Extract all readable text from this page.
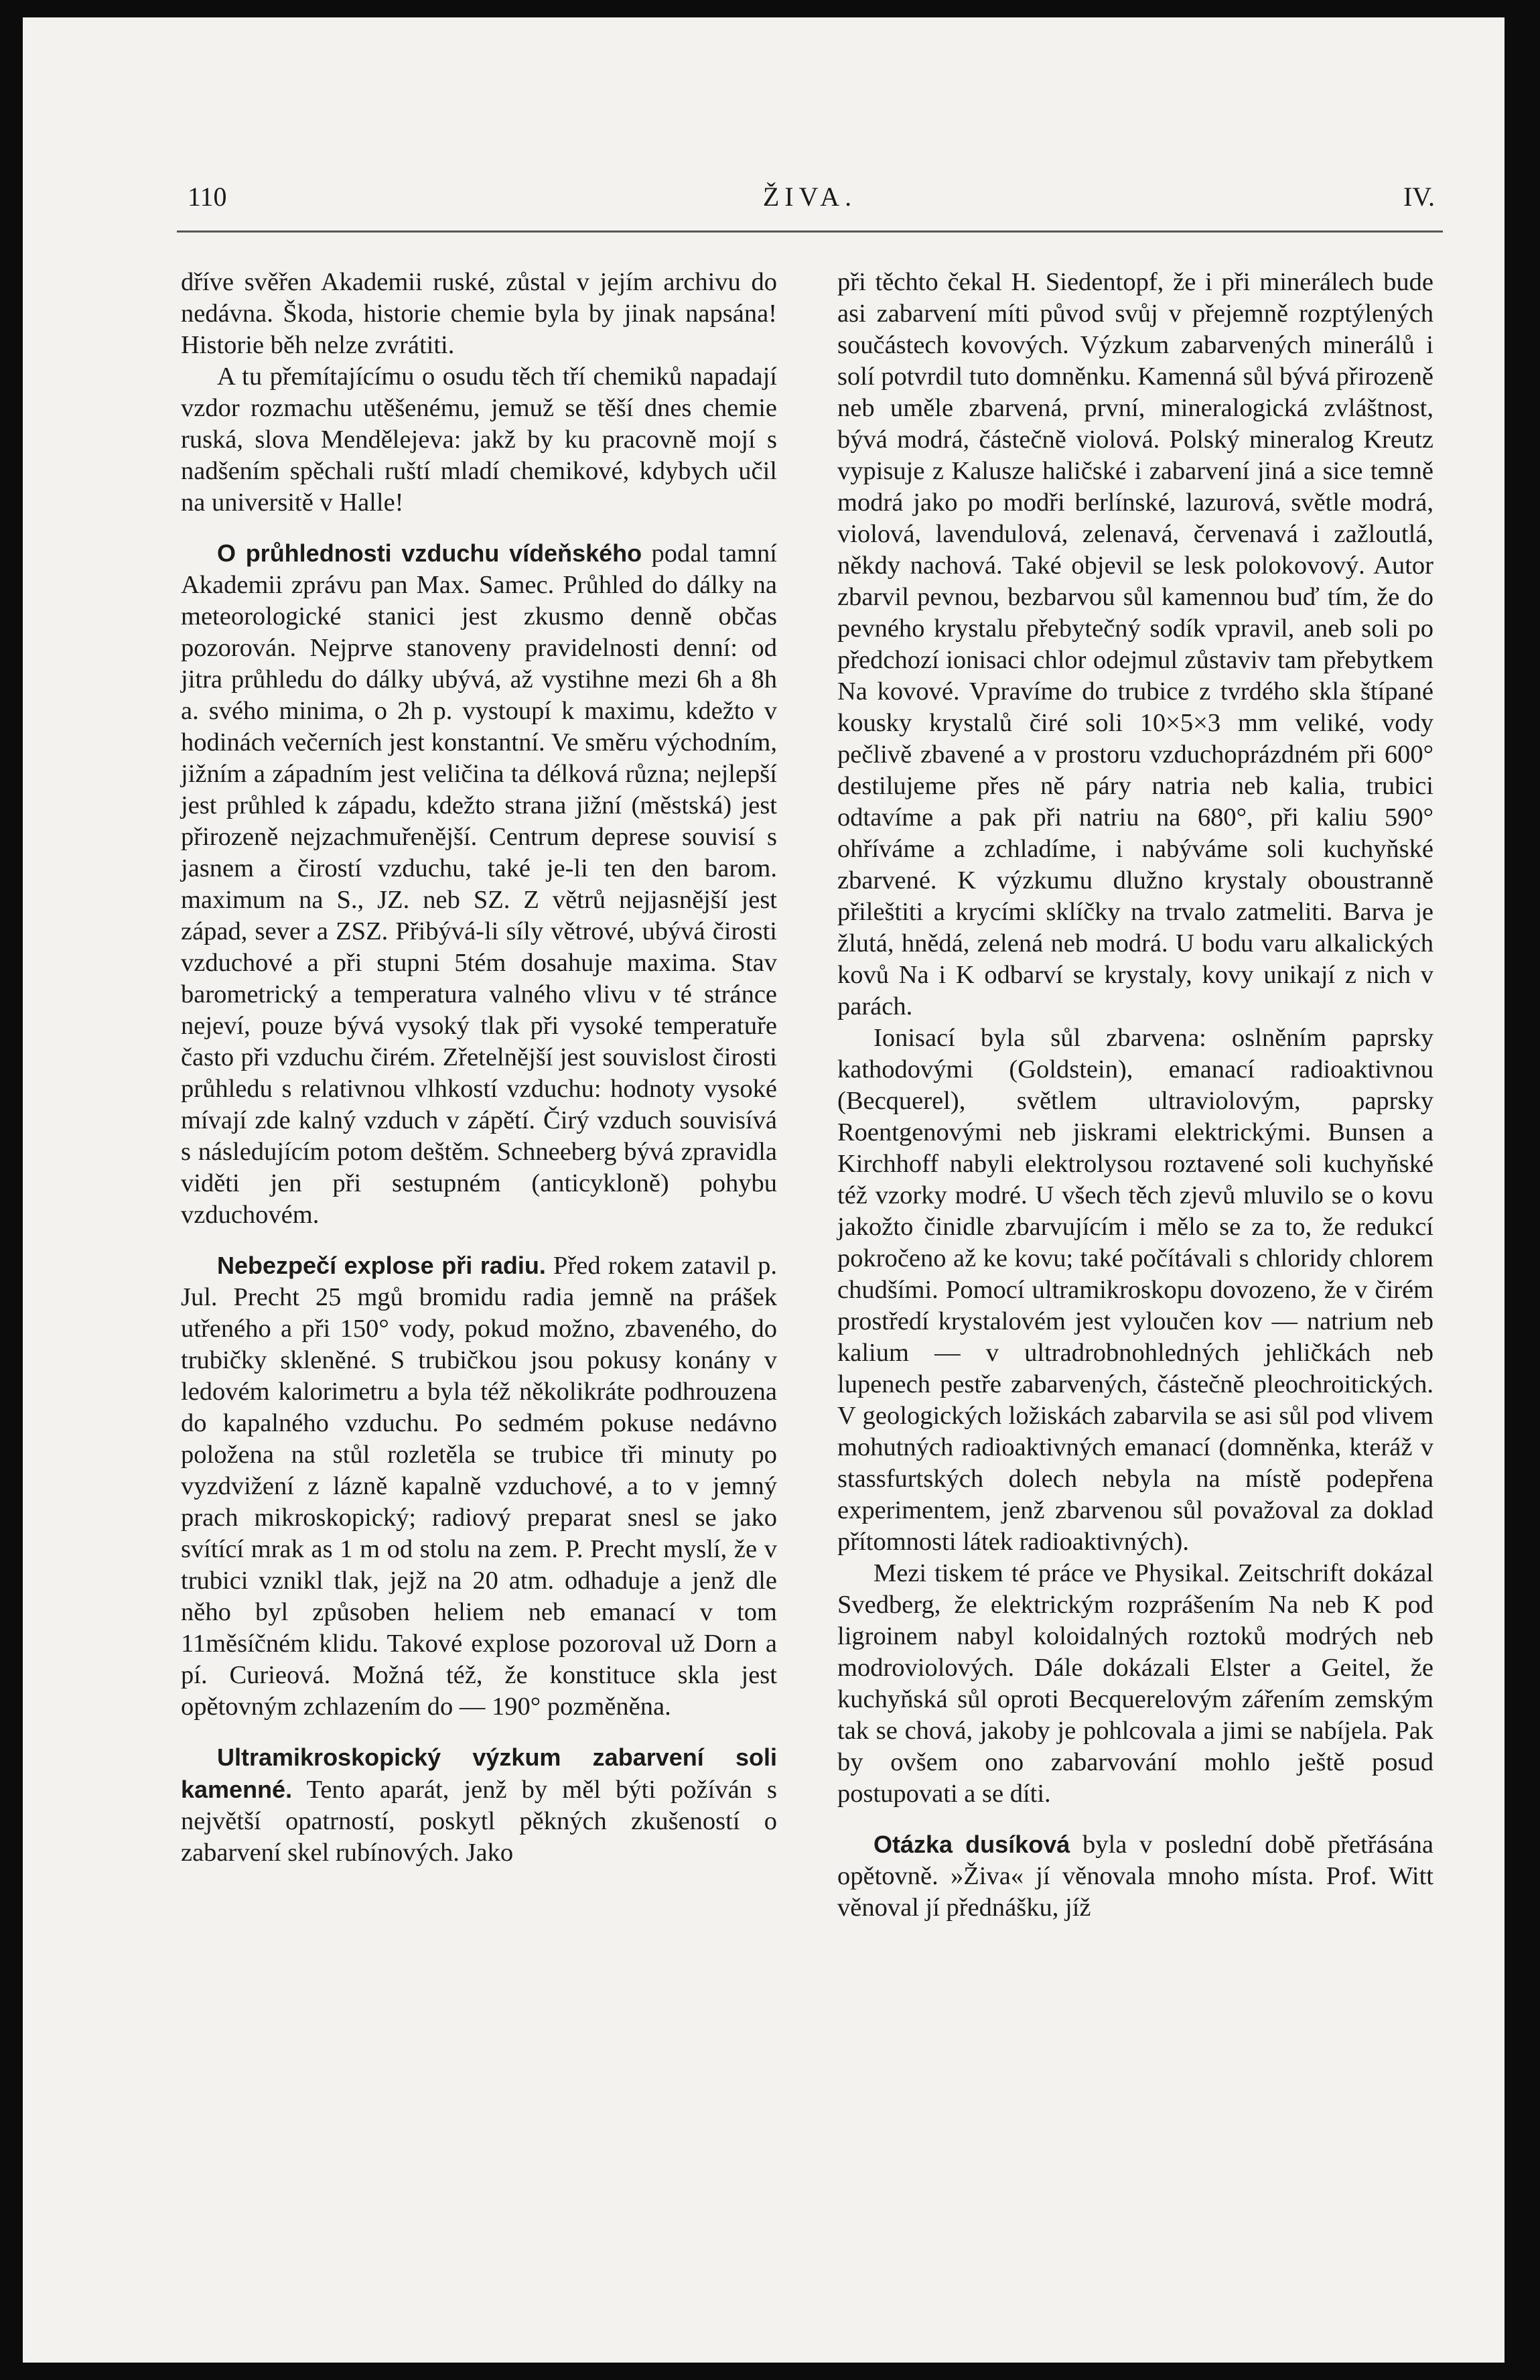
110	ŽIVA.	IV.

dříve svěřen Akademii ruské, zůstal v jejím archivu do nedávna. Škoda, historie chemie byla by jinak napsána! Historie běh nelze zvrátiti.

A tu přemítajícímu o osudu těch tří chemiků napadají vzdor rozmachu utěšenému, jemuž se těší dnes chemie ruská, slova Mendělejeva: jakž by ku pracovně mojí s nadšením spěchali ruští mladí chemikové, kdybych učil na universitě v Halle!

O průhlednosti vzduchu vídeňského podal tamní Akademii zprávu pan Max. Samec. Průhled do dálky na meteorologické stanici jest zkusmo denně občas pozorován. Nejprve stanoveny pravidelnosti denní: od jitra průhledu do dálky ubývá, až vystihne mezi 6h a 8h a. svého minima, o 2h p. vystoupí k maximu, kdežto v hodinách večerních jest konstantní. Ve směru východním, jižním a západním jest veličina ta délková různa; nejlepší jest průhled k západu, kdežto strana jižní (městská) jest přirozeně nejzachmuřenější. Centrum deprese souvisí s jasnem a čirostí vzduchu, také je-li ten den barom. maximum na S., JZ. neb SZ. Z větrů nejjasnější jest západ, sever a ZSZ. Přibývá-li síly větrové, ubývá čirosti vzduchové a při stupni 5tém dosahuje maxima. Stav barometrický a temperatura valného vlivu v té stránce nejeví, pouze bývá vysoký tlak při vysoké temperatuře často při vzduchu čirém. Zřetelnější jest souvislost čirosti průhledu s relativnou vlhkostí vzduchu: hodnoty vysoké mívají zde kalný vzduch v zápětí. Čirý vzduch souvisívá s následujícím potom deštěm. Schneeberg bývá zpravidla viděti jen při sestupném (anticykloně) pohybu vzduchovém.

Nebezpečí explose při radiu. Před rokem zatavil p. Jul. Precht 25 mgů bromidu radia jemně na prášek utřeného a při 150° vody, pokud možno, zbaveného, do trubičky skleněné. S trubičkou jsou pokusy konány v ledovém kalorimetru a byla též několikráte podhrouzena do kapalného vzduchu. Po sedmém pokuse nedávno položena na stůl rozletěla se trubice tři minuty po vyzdvižení z lázně kapalně vzduchové, a to v jemný prach mikroskopický; radiový preparat snesl se jako svítící mrak as 1 m od stolu na zem. P. Precht myslí, že v trubici vznikl tlak, jejž na 20 atm. odhaduje a jenž dle něho byl způsoben heliem neb emanací v tom 11měsíčném klidu. Takové explose pozoroval už Dorn a pí. Curieová. Možná též, že konstituce skla jest opětovným zchlazením do — 190° pozměněna.

Ultramikroskopický výzkum zabarvení soli kamenné. Tento aparát, jenž by měl býti požíván s největší opatrností, poskytl pěkných zkušeností o zabarvení skel rubínových. Jako

při těchto čekal H. Siedentopf, že i při minerálech bude asi zabarvení míti původ svůj v přejemně rozptýlených součástech kovových. Výzkum zabarvených minerálů i solí potvrdil tuto domněnku. Kamenná sůl bývá přirozeně neb uměle zbarvená, první, mineralogická zvláštnost, bývá modrá, částečně violová. Polský mineralog Kreutz vypisuje z Kalusze haličské i zabarvení jiná a sice temně modrá jako po modři berlínské, lazurová, světle modrá, violová, lavendulová, zelenavá, červenavá i zažloutlá, někdy nachová. Také objevil se lesk polokovový. Autor zbarvil pevnou, bezbarvou sůl kamennou buď tím, že do pevného krystalu přebytečný sodík vpravil, aneb soli po předchozí ionisaci chlor odejmul zůstaviv tam přebytkem Na kovové. Vpravíme do trubice z tvrdého skla štípané kousky krystalů čiré soli 10×5×3 mm veliké, vody pečlivě zbavené a v prostoru vzduchoprázdném při 600° destilujeme přes ně páry natria neb kalia, trubici odtavíme a pak při natriu na 680°, při kaliu 590° ohříváme a zchladíme, i nabýváme soli kuchyňské zbarvené. K výzkumu dlužno krystaly oboustranně přileštiti a krycími sklíčky na trvalo zatmeliti. Barva je žlutá, hnědá, zelená neb modrá. U bodu varu alkalických kovů Na i K odbarví se krystaly, kovy unikají z nich v parách.

Ionisací byla sůl zbarvena: oslněním paprsky kathodovými (Goldstein), emanací radioaktivnou (Becquerel), světlem ultraviolovým, paprsky Roentgenovými neb jiskrami elektrickými. Bunsen a Kirchhoff nabyli elektrolysou roztavené soli kuchyňské též vzorky modré. U všech těch zjevů mluvilo se o kovu jakožto činidle zbarvujícím i mělo se za to, že redukcí pokročeno až ke kovu; také počítávali s chloridy chlorem chudšími. Pomocí ultramikroskopu dovozeno, že v čirém prostředí krystalovém jest vyloučen kov — natrium neb kalium — v ultradrobnohledných jehličkách neb lupenech pestře zabarvených, částečně pleochroitických. V geologických ložiskách zabarvila se asi sůl pod vlivem mohutných radioaktivných emanací (domněnka, kteráž v stassfurtských dolech nebyla na místě podepřena experimentem, jenž zbarvenou sůl považoval za doklad přítomnosti látek radioaktivných).

Mezi tiskem té práce ve Physikal. Zeitschrift dokázal Svedberg, že elektrickým rozprášením Na neb K pod ligroinem nabyl koloidalných roztoků modrých neb modroviolových. Dále dokázali Elster a Geitel, že kuchyňská sůl oproti Becquerelovým zářením zemským tak se chová, jakoby je pohlcovala a jimi se nabíjela. Pak by ovšem ono zabarvování mohlo ještě posud postupovati a se díti.

Otázka dusíková byla v poslední době přetřásána opětovně. »Živa« jí věnovala mnoho místa. Prof. Witt věnoval jí přednášku, jíž
